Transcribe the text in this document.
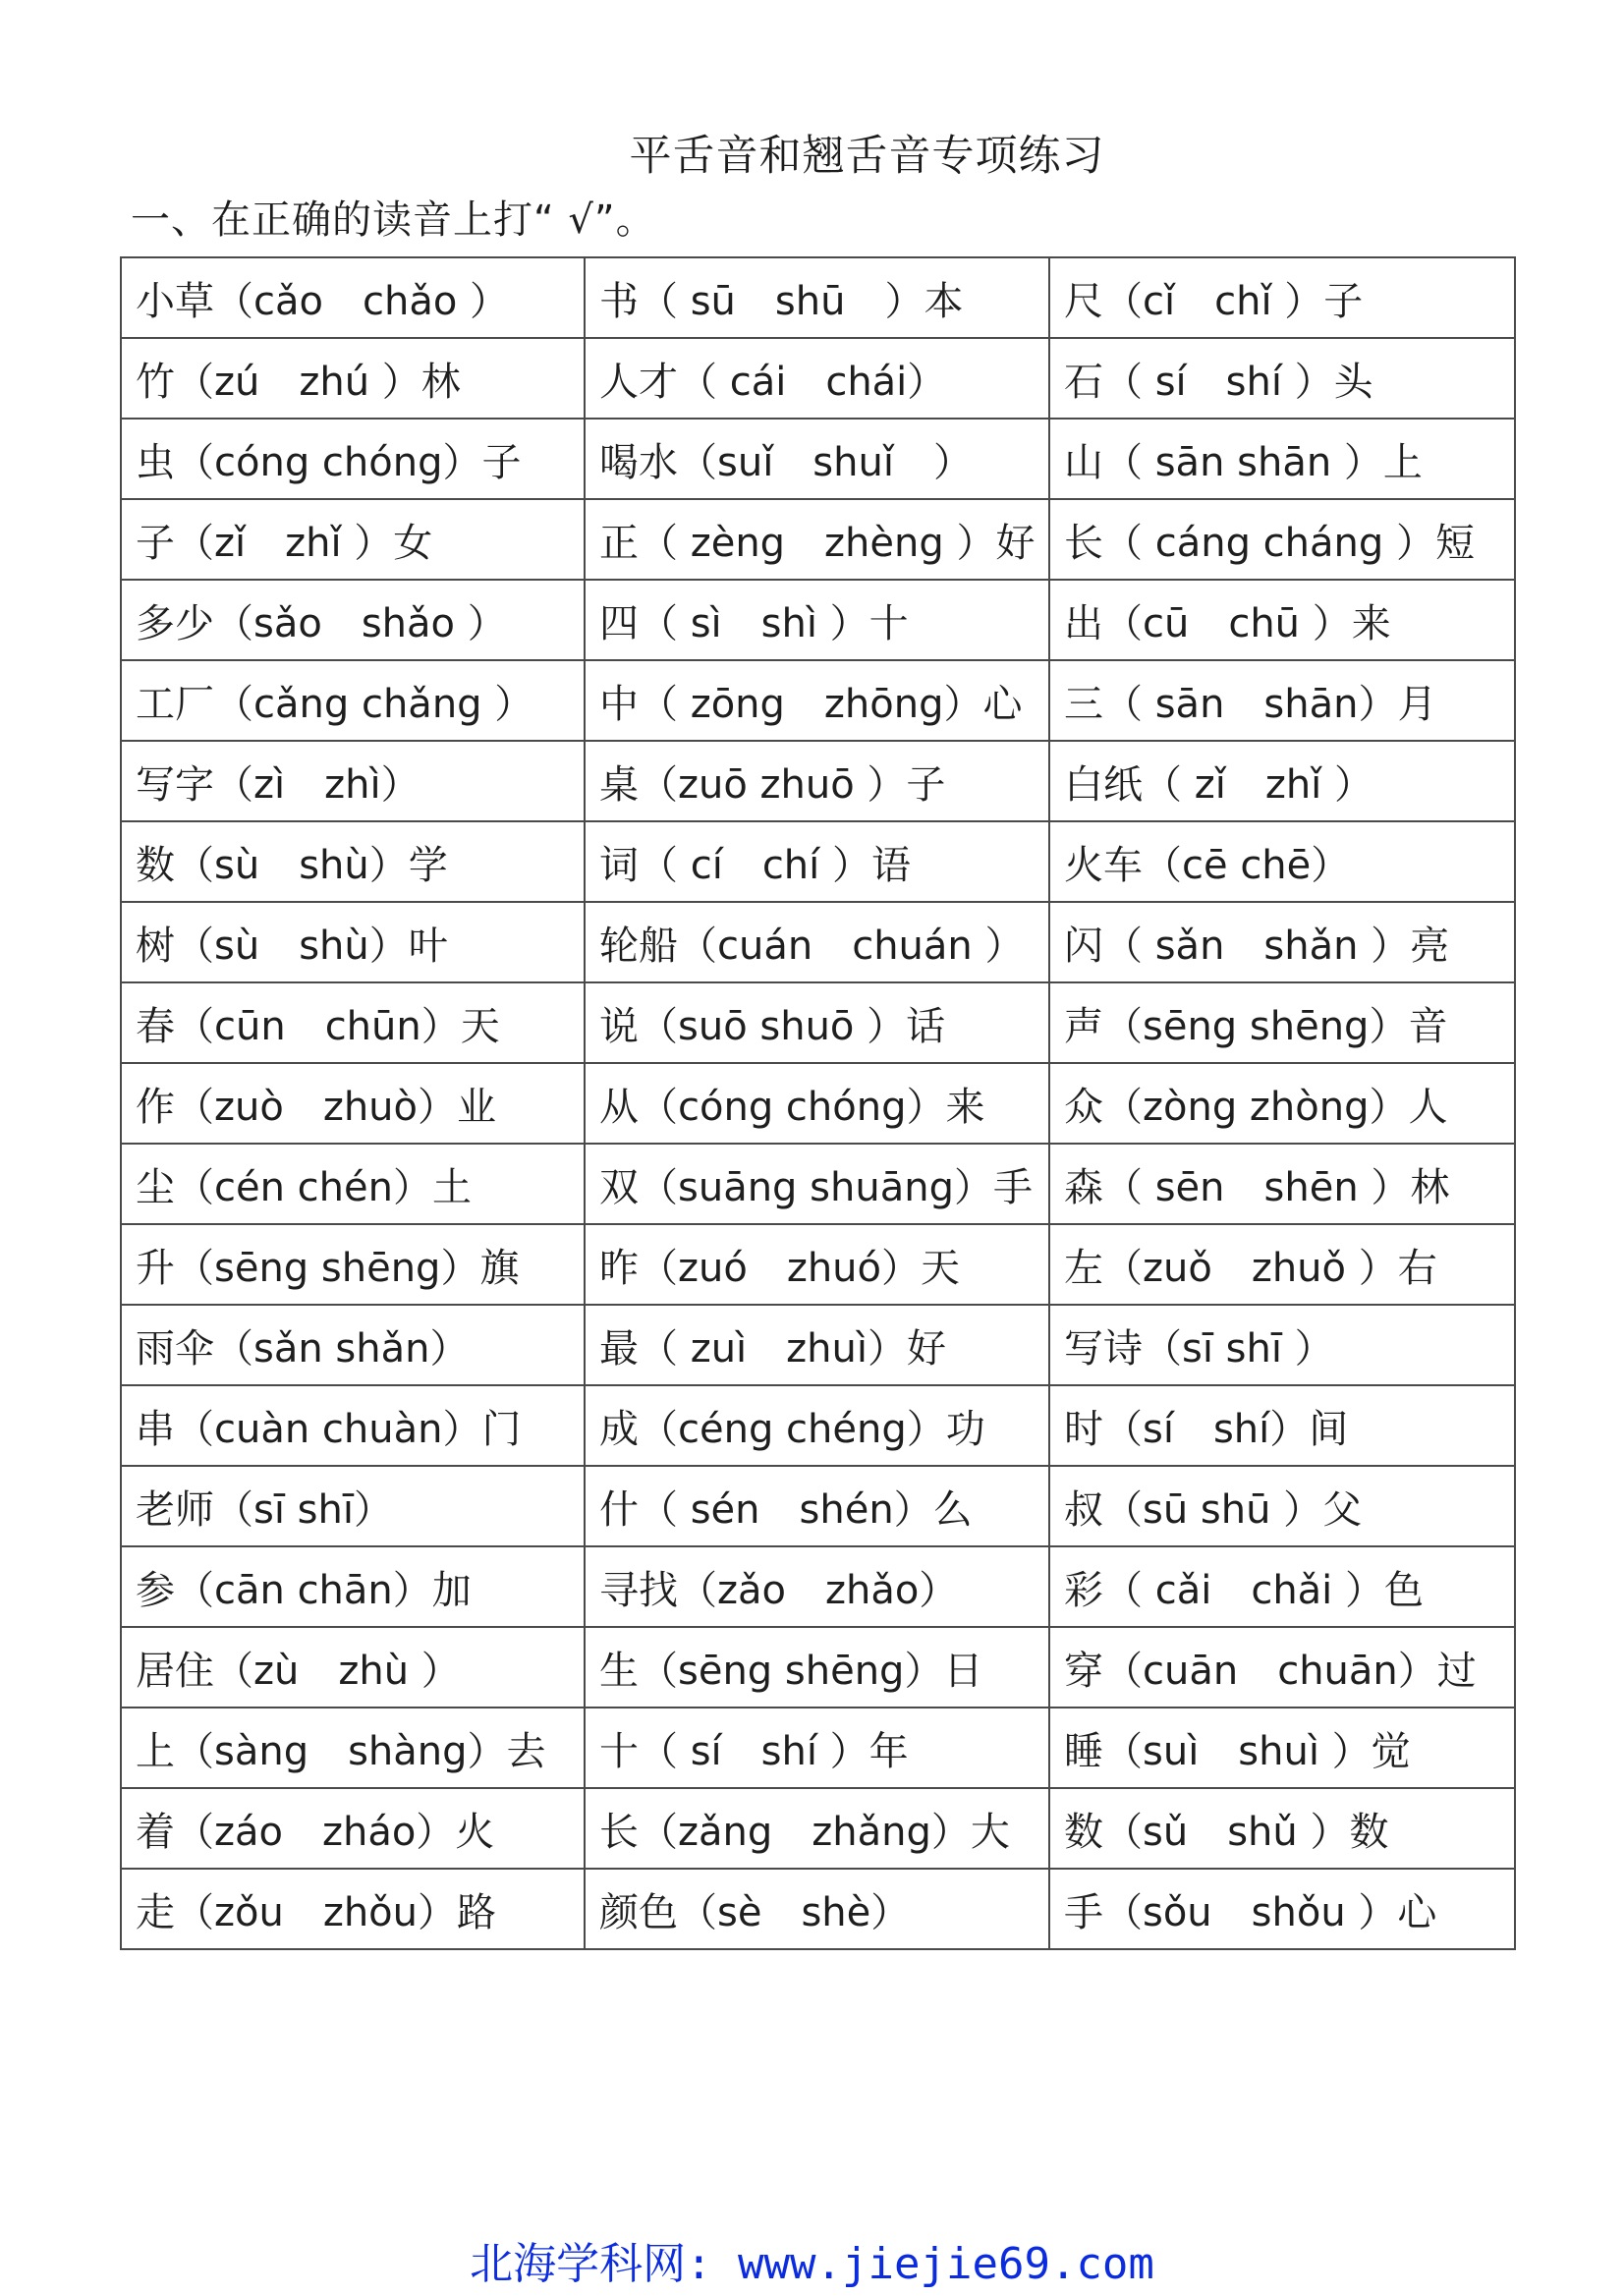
平舌音和翘舌音专项练习
一、在正确的读音上打“ √”。
小草（cǎo　chǎo ）	书（ sū　shū　）本	尺（cǐ　chǐ ）子

竹（zú　zhú ）林	人才（ cái　chái）	石（ sí　shí ）头

虫（cóng chóng）子	喝水（suǐ　shuǐ　）	山（ sān shān ）上

子（zǐ　zhǐ ）女	正（ zèng　zhèng ）好	长（ cáng cháng ）短

多少（sǎo　shǎo ）	四（ sì　shì ）十	出（cū　chū ）来

工厂（cǎng chǎng ）	中（ zōng　zhōng）心	三（ sān　shān）月

写字（zì　zhì）	桌（zuō zhuō ）子	白纸（ zǐ　zhǐ ）

数（sù　shù）学	词（ cí　chí ）语	火车（cē chē）

树（sù　shù）叶	轮船（cuán　chuán ）	闪（ sǎn　shǎn ）亮

春（cūn　chūn）天	说（suō shuō ）话	声（sēng shēng）音

作（zuò　zhuò）业	从（cóng chóng）来	众（zòng zhòng）人

尘（cén chén）土	双（suāng shuāng）手	森（ sēn　shēn ）林

升（sēng shēng）旗	昨（zuó　zhuó）天	左（zuǒ　zhuǒ ）右

雨伞（sǎn shǎn）	最（ zuì　zhuì）好	写诗（sī shī ）

串（cuàn chuàn）门	成（céng chéng）功	时（sí　shí）间

老师（sī shī）	什（ sén　shén）么	叔（sū shū ）父

参（cān chān）加	寻找（zǎo　zhǎo）	彩（ cǎi　chǎi ）色

居住（zù　zhù ）	生（sēng shēng）日	穿（cuān　chuān）过

上（sàng　shàng）去	十（ sí　shí ）年	睡（suì　shuì ）觉

着（záo　zháo）火	长（zǎng　zhǎng）大	数（sǔ　shǔ ）数

走（zǒu　zhǒu）路	颜色（sè　shè）	手（sǒu　shǒu ）心
北海学科网: www.jiejie69.com
